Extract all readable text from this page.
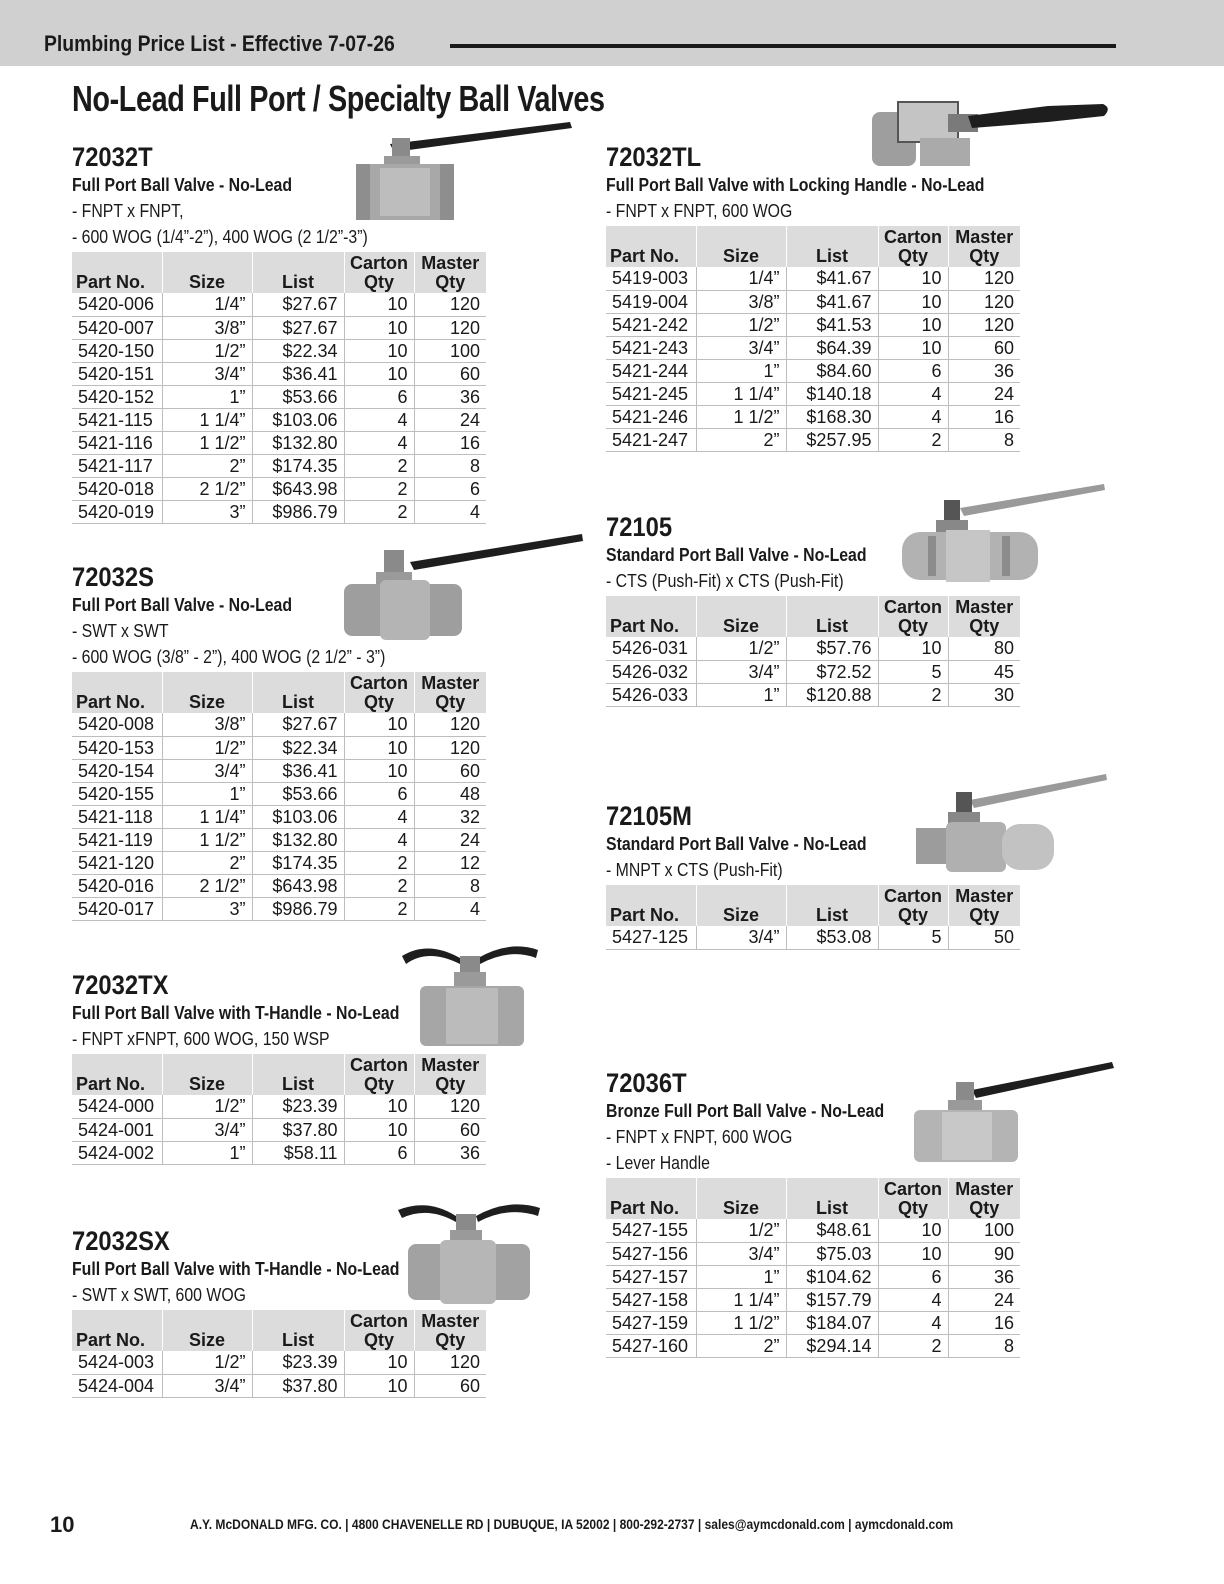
Plumbing Price List - Effective 7-07-26
No-Lead Full Port / Specialty Ball Valves
72032T
Full Port Ball Valve - No-Lead
- FNPT x FNPT,
- 600 WOG (1/4”-2”), 400 WOG (2 1/2”-3”)

Part No.	Size	List	Carton
Qty	Master
Qty
5420-006	1/4”	$27.67	10	120
5420-007	3/8”	$27.67	10	120
5420-150	1/2”	$22.34	10	100
5420-151	3/4”	$36.41	10	60
5420-152	1”	$53.66	6	36
5421-115	1 1/4”	$103.06	4	24
5421-116	1 1/2”	$132.80	4	16
5421-117	2”	$174.35	2	8
5420-018	2 1/2”	$643.98	2	6
5420-019	3”	$986.79	2	4
72032S
Full Port Ball Valve - No-Lead
- SWT x SWT
- 600 WOG (3/8” - 2”), 400 WOG (2 1/2” - 3”)

Part No.	Size	List	Carton
Qty	Master
Qty
5420-008	3/8”	$27.67	10	120
5420-153	1/2”	$22.34	10	120
5420-154	3/4”	$36.41	10	60
5420-155	1”	$53.66	6	48
5421-118	1 1/4”	$103.06	4	32
5421-119	1 1/2”	$132.80	4	24
5421-120	2”	$174.35	2	12
5420-016	2 1/2”	$643.98	2	8
5420-017	3”	$986.79	2	4
72032TX
Full Port Ball Valve with T-Handle - No-Lead
- FNPT xFNPT, 600 WOG, 150 WSP

Part No.	Size	List	Carton
Qty	Master
Qty
5424-000	1/2”	$23.39	10	120
5424-001	3/4”	$37.80	10	60
5424-002	1”	$58.11	6	36
72032SX
Full Port Ball Valve with T-Handle - No-Lead
- SWT x SWT, 600 WOG

Part No.	Size	List	Carton
Qty	Master
Qty
5424-003	1/2”	$23.39	10	120
5424-004	3/4”	$37.80	10	60
72032TL
Full Port Ball Valve with Locking Handle - No-Lead
- FNPT x FNPT, 600 WOG

Part No.	Size	List	Carton
Qty	Master
Qty
5419-003	1/4”	$41.67	10	120
5419-004	3/8”	$41.67	10	120
5421-242	1/2”	$41.53	10	120
5421-243	3/4”	$64.39	10	60
5421-244	1”	$84.60	6	36
5421-245	1 1/4”	$140.18	4	24
5421-246	1 1/2”	$168.30	4	16
5421-247	2”	$257.95	2	8
72105
Standard Port Ball Valve - No-Lead
- CTS (Push-Fit) x CTS (Push-Fit)

Part No.	Size	List	Carton
Qty	Master
Qty
5426-031	1/2”	$57.76	10	80
5426-032	3/4”	$72.52	5	45
5426-033	1”	$120.88	2	30
72105M
Standard Port Ball Valve - No-Lead
- MNPT x CTS (Push-Fit)

Part No.	Size	List	Carton
Qty	Master
Qty
5427-125	3/4”	$53.08	5	50
72036T
Bronze Full Port Ball Valve - No-Lead
- FNPT x FNPT, 600 WOG
- Lever Handle

Part No.	Size	List	Carton
Qty	Master
Qty
5427-155	1/2”	$48.61	10	100
5427-156	3/4”	$75.03	10	90
5427-157	1”	$104.62	6	36
5427-158	1 1/4”	$157.79	4	24
5427-159	1 1/2”	$184.07	4	16
5427-160	2”	$294.14	2	8
10	A.Y. McDONALD MFG. CO. | 4800 CHAVENELLE RD | DUBUQUE, IA 52002 | 800-292-2737 | sales@aymcdonald.com | aymcdonald.com
